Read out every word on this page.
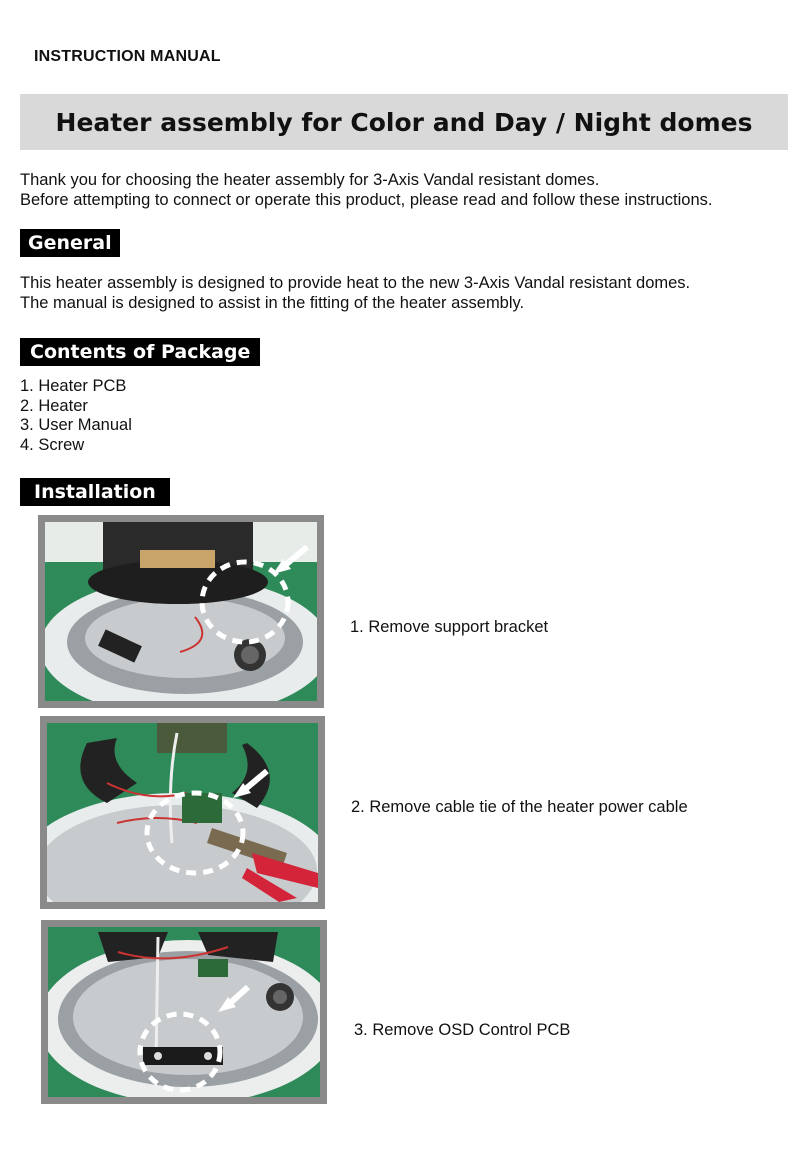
INSTRUCTION MANUAL
Heater assembly for Color and Day / Night domes

Thank you for choosing the heater assembly for 3-Axis Vandal resistant domes.
Before attempting to connect or operate this product, please read and follow these instructions.

General

This heater assembly is designed to provide heat to the new 3-Axis Vandal resistant domes.
The manual is designed to assist in the fitting of the heater assembly.

Contents of Package
1. Heater PCB
2. Heater
3. User Manual
4. Screw
Installation
1. Remove support bracket
2. Remove cable tie of the heater power cable
3. Remove OSD Control PCB
